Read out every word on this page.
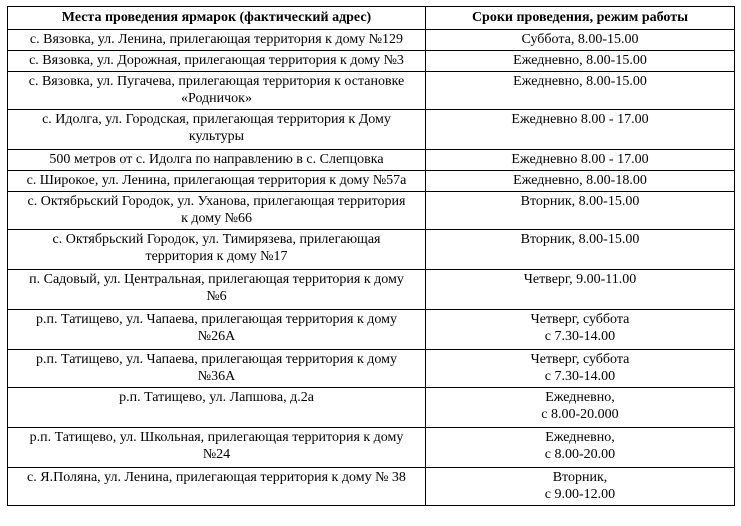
Места проведения ярмарок (фактический адрес)	Сроки проведения, режим работы

с. Вязовка, ул. Ленина, прилегающая территория к дому №129	Суббота, 8.00-15.00

с. Вязовка, ул. Дорожная, прилегающая территория к дому №3	Ежедневно, 8.00-15.00

с. Вязовка, ул. Пугачева, прилегающая территория к остановке
«Родничок»	Ежедневно, 8.00-15.00

с. Идолга, ул. Городская, прилегающая территория к Дому
культуры	Ежедневно 8.00 - 17.00

500 метров от с. Идолга по направлению в с. Слепцовка	Ежедневно 8.00 - 17.00

с. Широкое, ул. Ленина, прилегающая территория к дому №57а	Ежедневно, 8.00-18.00

с. Октябрьский Городок, ул. Уханова, прилегающая территория
к дому №66	Вторник, 8.00-15.00

с. Октябрьский Городок, ул. Тимирязева, прилегающая
территория к дому №17	Вторник, 8.00-15.00

п. Садовый, ул. Центральная, прилегающая территория к дому
№6	Четверг, 9.00-11.00

р.п. Татищево, ул. Чапаева, прилегающая территория к дому
№26А	Четверг, суббота
с 7.30-14.00

р.п. Татищево, ул. Чапаева, прилегающая территория к дому
№36А	Четверг, суббота
с 7.30-14.00

р.п. Татищево, ул. Лапшова, д.2а	Ежедневно,
с 8.00-20.000

р.п. Татищево, ул. Школьная, прилегающая территория к дому
№24	Ежедневно,
с 8.00-20.00

с. Я.Поляна, ул. Ленина, прилегающая территория к дому № 38	Вторник,
с 9.00-12.00
